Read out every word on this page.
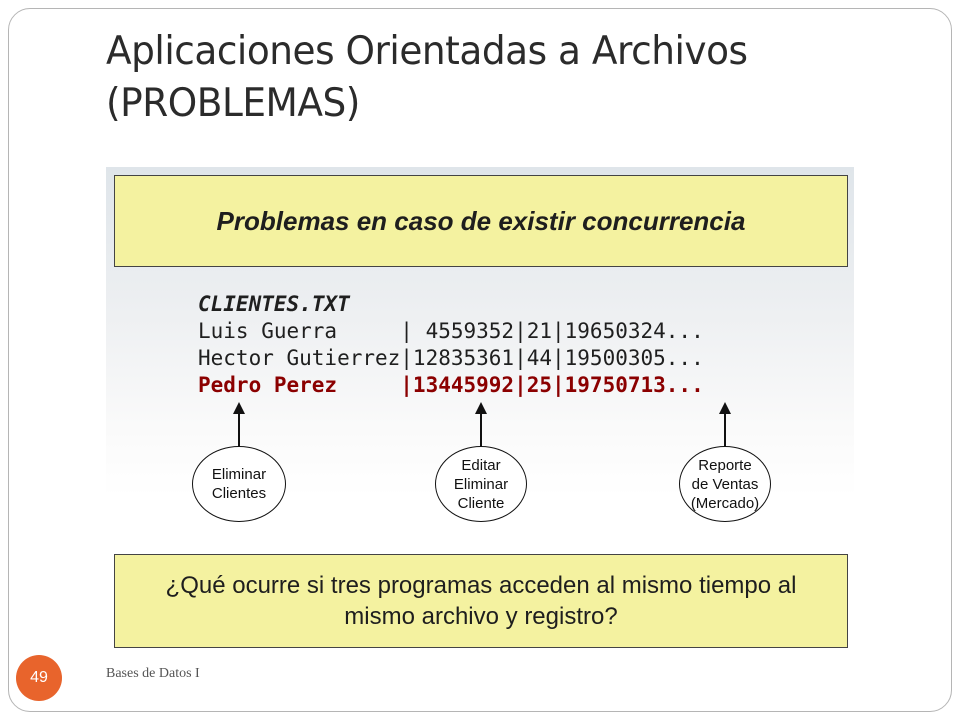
Aplicaciones Orientadas a Archivos (PROBLEMAS)
Problemas en caso de existir concurrencia
CLIENTES.TXT
Luis Guerra     | 4559352|21|19650324...
Hector Gutierrez|12835361|44|19500305...
Pedro Perez     |13445992|25|19750713...
Eliminar
Clientes
Editar
Eliminar
Cliente
Reporte
de Ventas
(Mercado)
¿Qué ocurre si tres programas acceden al mismo tiempo al mismo archivo y registro?
49	Bases de Datos I
